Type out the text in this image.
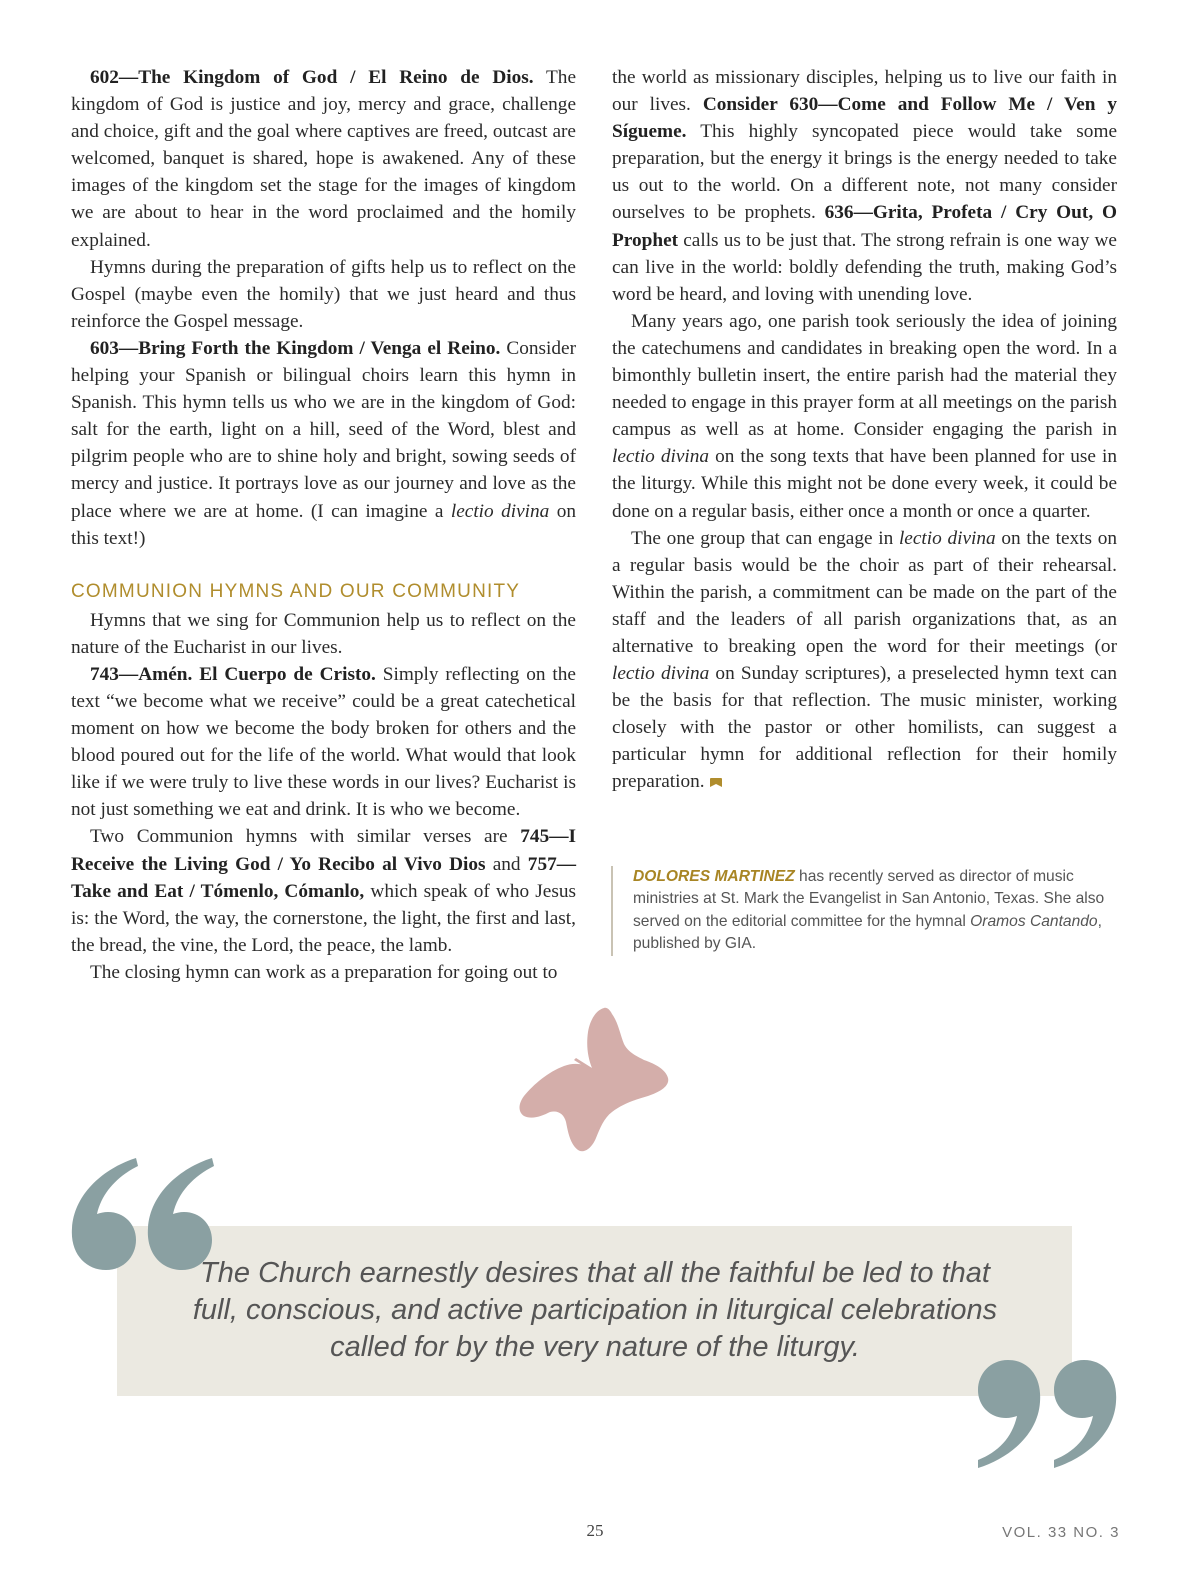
602—The Kingdom of God / El Reino de Dios. The kingdom of God is justice and joy, mercy and grace, challenge and choice, gift and the goal where captives are freed, outcast are welcomed, banquet is shared, hope is awakened. Any of these images of the kingdom set the stage for the images of kingdom we are about to hear in the word proclaimed and the homily explained.

Hymns during the preparation of gifts help us to reflect on the Gospel (maybe even the homily) that we just heard and thus reinforce the Gospel message.

603—Bring Forth the Kingdom / Venga el Reino. Consider helping your Spanish or bilingual choirs learn this hymn in Spanish. This hymn tells us who we are in the kingdom of God: salt for the earth, light on a hill, seed of the Word, blest and pilgrim people who are to shine holy and bright, sowing seeds of mercy and justice. It portrays love as our journey and love as the place where we are at home. (I can imagine a lectio divina on this text!)

COMMUNION HYMNS AND OUR COMMUNITY

Hymns that we sing for Communion help us to reflect on the nature of the Eucharist in our lives.

743—Amén. El Cuerpo de Cristo. Simply reflecting on the text “we become what we receive” could be a great catechetical moment on how we become the body broken for others and the blood poured out for the life of the world. What would that look like if we were truly to live these words in our lives? Eucharist is not just something we eat and drink. It is who we become.

Two Communion hymns with similar verses are 745—I Receive the Living God / Yo Recibo al Vivo Dios and 757—Take and Eat / Tómenlo, Cómanlo, which speak of who Jesus is: the Word, the way, the cornerstone, the light, the first and last, the bread, the vine, the Lord, the peace, the lamb.

The closing hymn can work as a preparation for going out to

the world as missionary disciples, helping us to live our faith in our lives. Consider 630—Come and Follow Me / Ven y Sígueme. This highly syncopated piece would take some preparation, but the energy it brings is the energy needed to take us out to the world. On a different note, not many consider ourselves to be prophets. 636—Grita, Profeta / Cry Out, O Prophet calls us to be just that. The strong refrain is one way we can live in the world: boldly defending the truth, making God’s word be heard, and loving with unending love.

Many years ago, one parish took seriously the idea of joining the catechumens and candidates in breaking open the word. In a bimonthly bulletin insert, the entire parish had the material they needed to engage in this prayer form at all meetings on the parish campus as well as at home. Consider engaging the parish in lectio divina on the song texts that have been planned for use in the liturgy. While this might not be done every week, it could be done on a regular basis, either once a month or once a quarter.

The one group that can engage in lectio divina on the texts on a regular basis would be the choir as part of their rehearsal. Within the parish, a commitment can be made on the part of the staff and the leaders of all parish organizations that, as an alternative to breaking open the word for their meetings (or lectio divina on Sunday scriptures), a preselected hymn text can be the basis for that reflection. The music minister, working closely with the pastor or other homilists, can suggest a particular hymn for additional reflection for their homily preparation.

DOLORES MARTINEZ has recently served as director of music ministries at St. Mark the Evangelist in San Antonio, Texas. She also served on the editorial committee for the hymnal Oramos Cantando, published by GIA.

The Church earnestly desires that all the faithful be led to that full, conscious, and active participation in liturgical celebrations called for by the very nature of the liturgy.

25	VOL. 33 NO. 3
